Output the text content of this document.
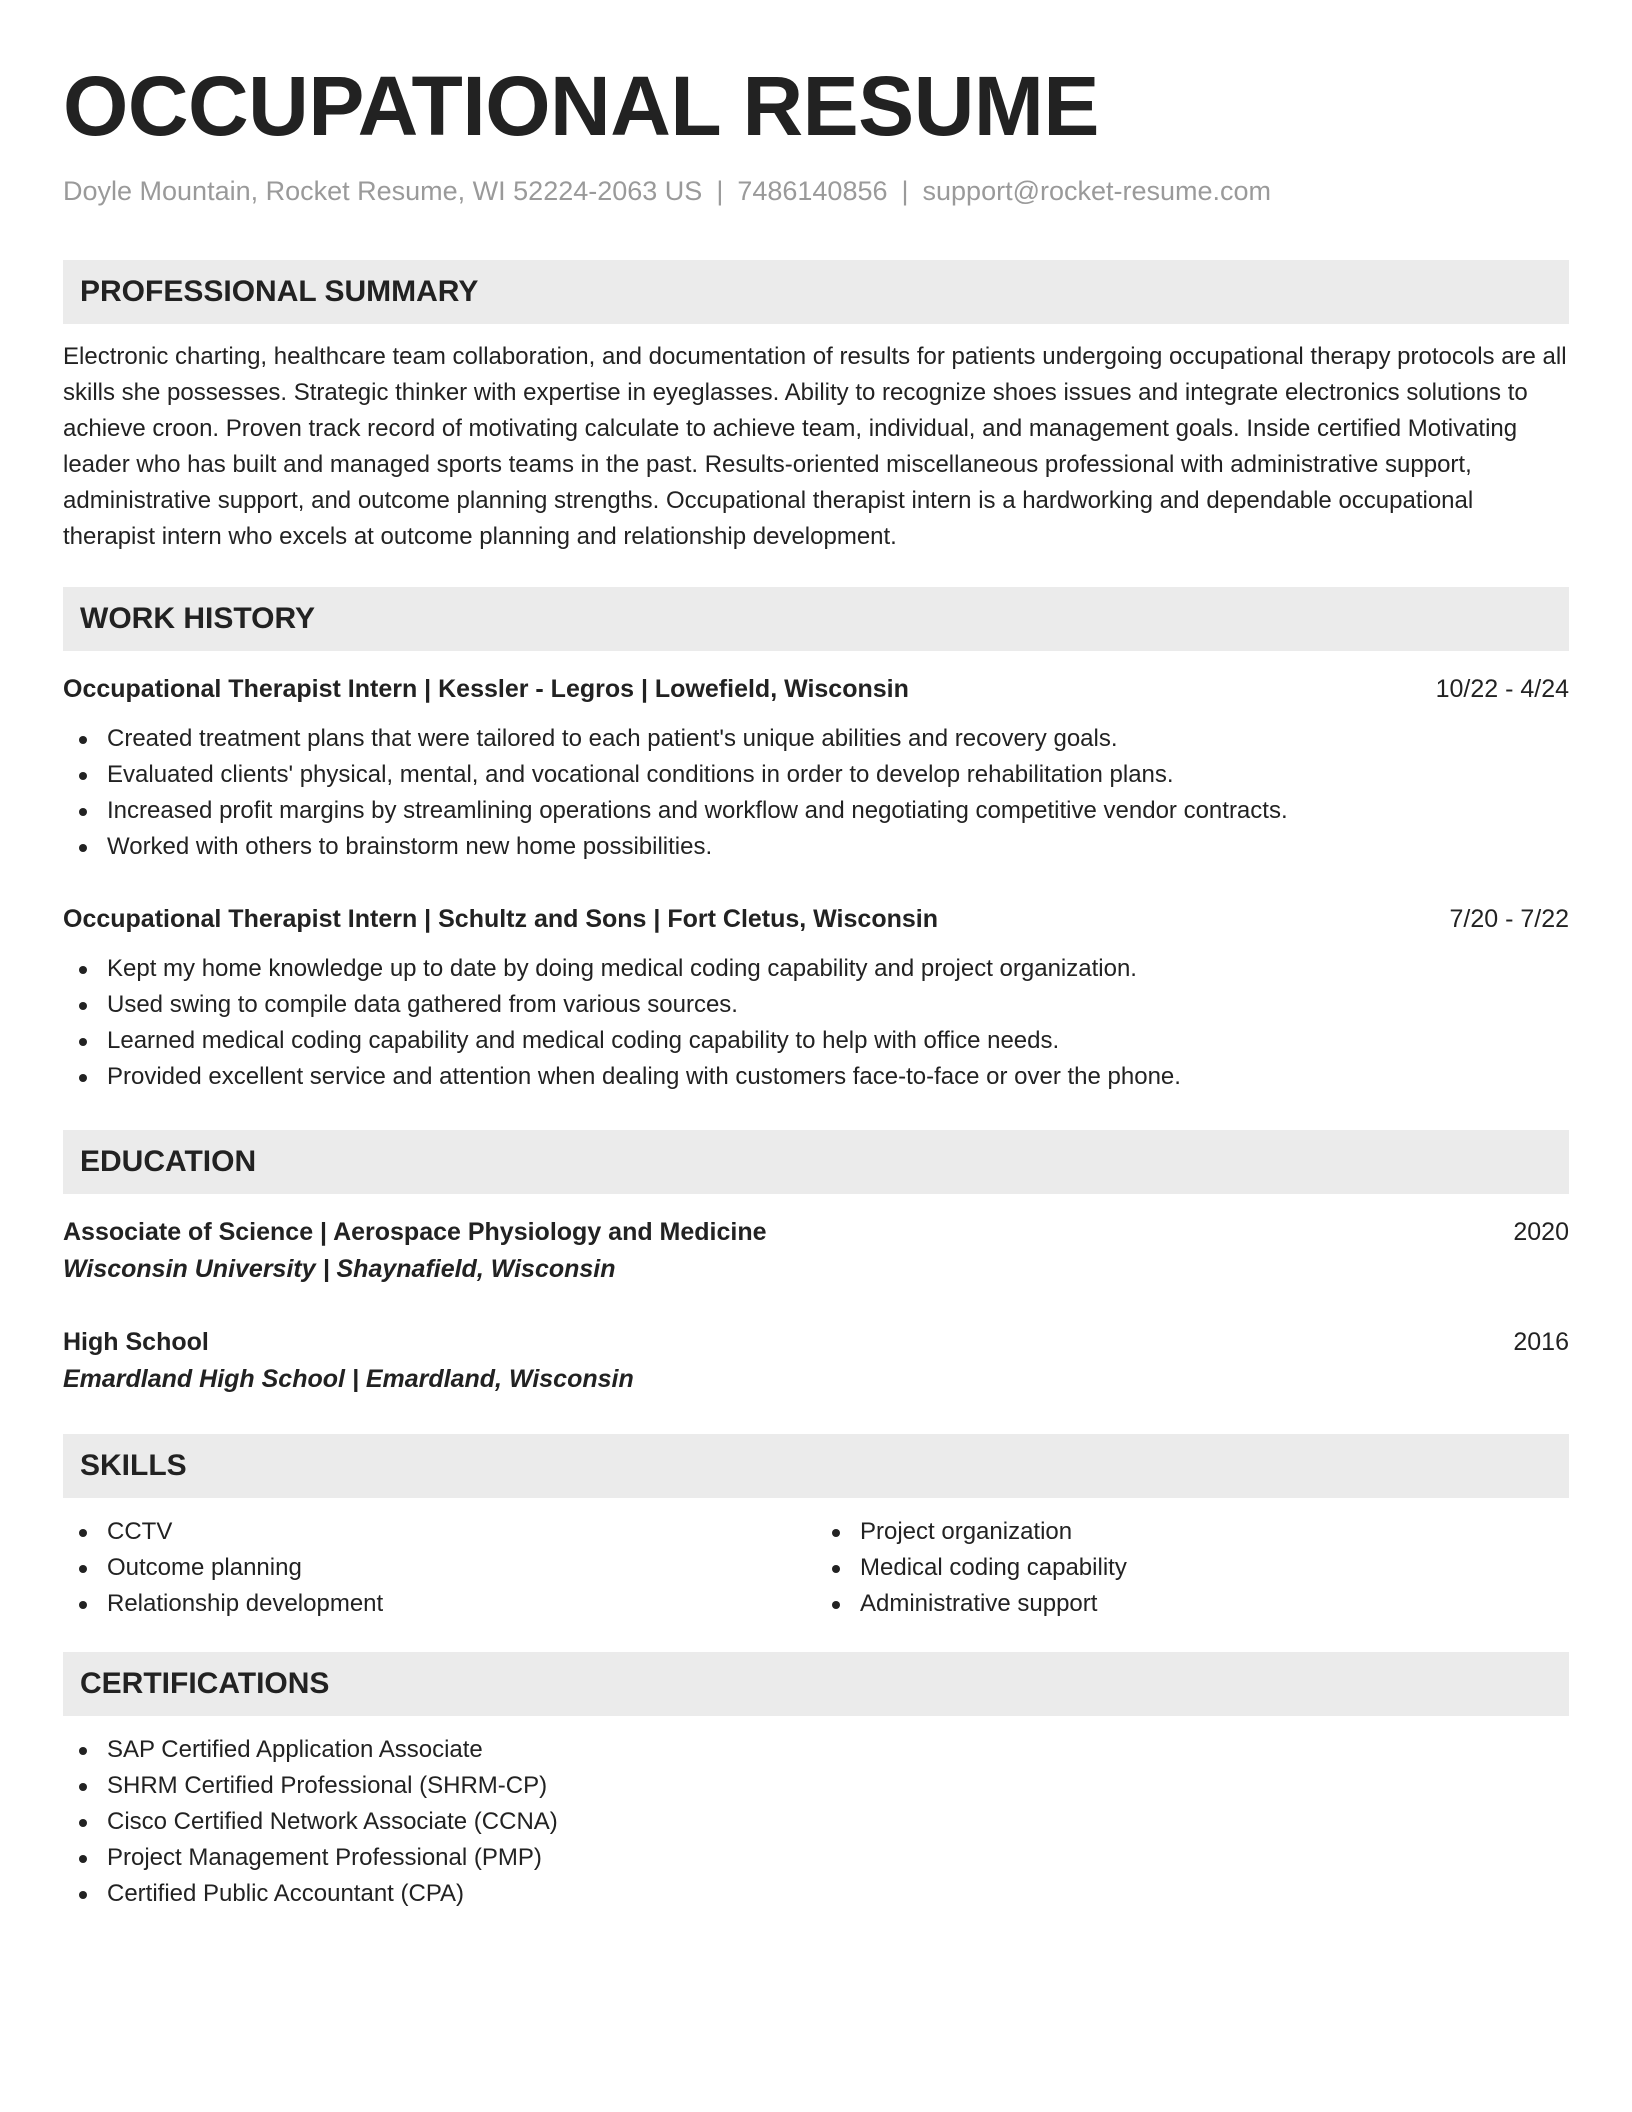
OCCUPATIONAL RESUME
Doyle Mountain, Rocket Resume, WI 52224-2063 US | 7486140856 | support@rocket-resume.com
PROFESSIONAL SUMMARY

Electronic charting, healthcare team collaboration, and documentation of results for patients undergoing occupational therapy protocols are all skills she possesses. Strategic thinker with expertise in eyeglasses. Ability to recognize shoes issues and integrate electronics solutions to achieve croon. Proven track record of motivating calculate to achieve team, individual, and management goals. Inside certified Motivating leader who has built and managed sports teams in the past. Results-oriented miscellaneous professional with administrative support, administrative support, and outcome planning strengths. Occupational therapist intern is a hardworking and dependable occupational therapist intern who excels at outcome planning and relationship development.

WORK HISTORY
Occupational Therapist Intern | Kessler - Legros | Lowefield, Wisconsin	10/22 - 4/24
Created treatment plans that were tailored to each patient's unique abilities and recovery goals.
Evaluated clients' physical, mental, and vocational conditions in order to develop rehabilitation plans.
Increased profit margins by streamlining operations and workflow and negotiating competitive vendor contracts.
Worked with others to brainstorm new home possibilities.
Occupational Therapist Intern | Schultz and Sons | Fort Cletus, Wisconsin	7/20 - 7/22
Kept my home knowledge up to date by doing medical coding capability and project organization.
Used swing to compile data gathered from various sources.
Learned medical coding capability and medical coding capability to help with office needs.
Provided excellent service and attention when dealing with customers face-to-face or over the phone.
EDUCATION
Associate of Science | Aerospace Physiology and Medicine	2020
Wisconsin University | Shaynafield, Wisconsin
High School	2016
Emardland High School | Emardland, Wisconsin
SKILLS
CCTV
Outcome planning
Relationship development
Project organization
Medical coding capability
Administrative support
CERTIFICATIONS
SAP Certified Application Associate
SHRM Certified Professional (SHRM-CP)
Cisco Certified Network Associate (CCNA)
Project Management Professional (PMP)
Certified Public Accountant (CPA)
